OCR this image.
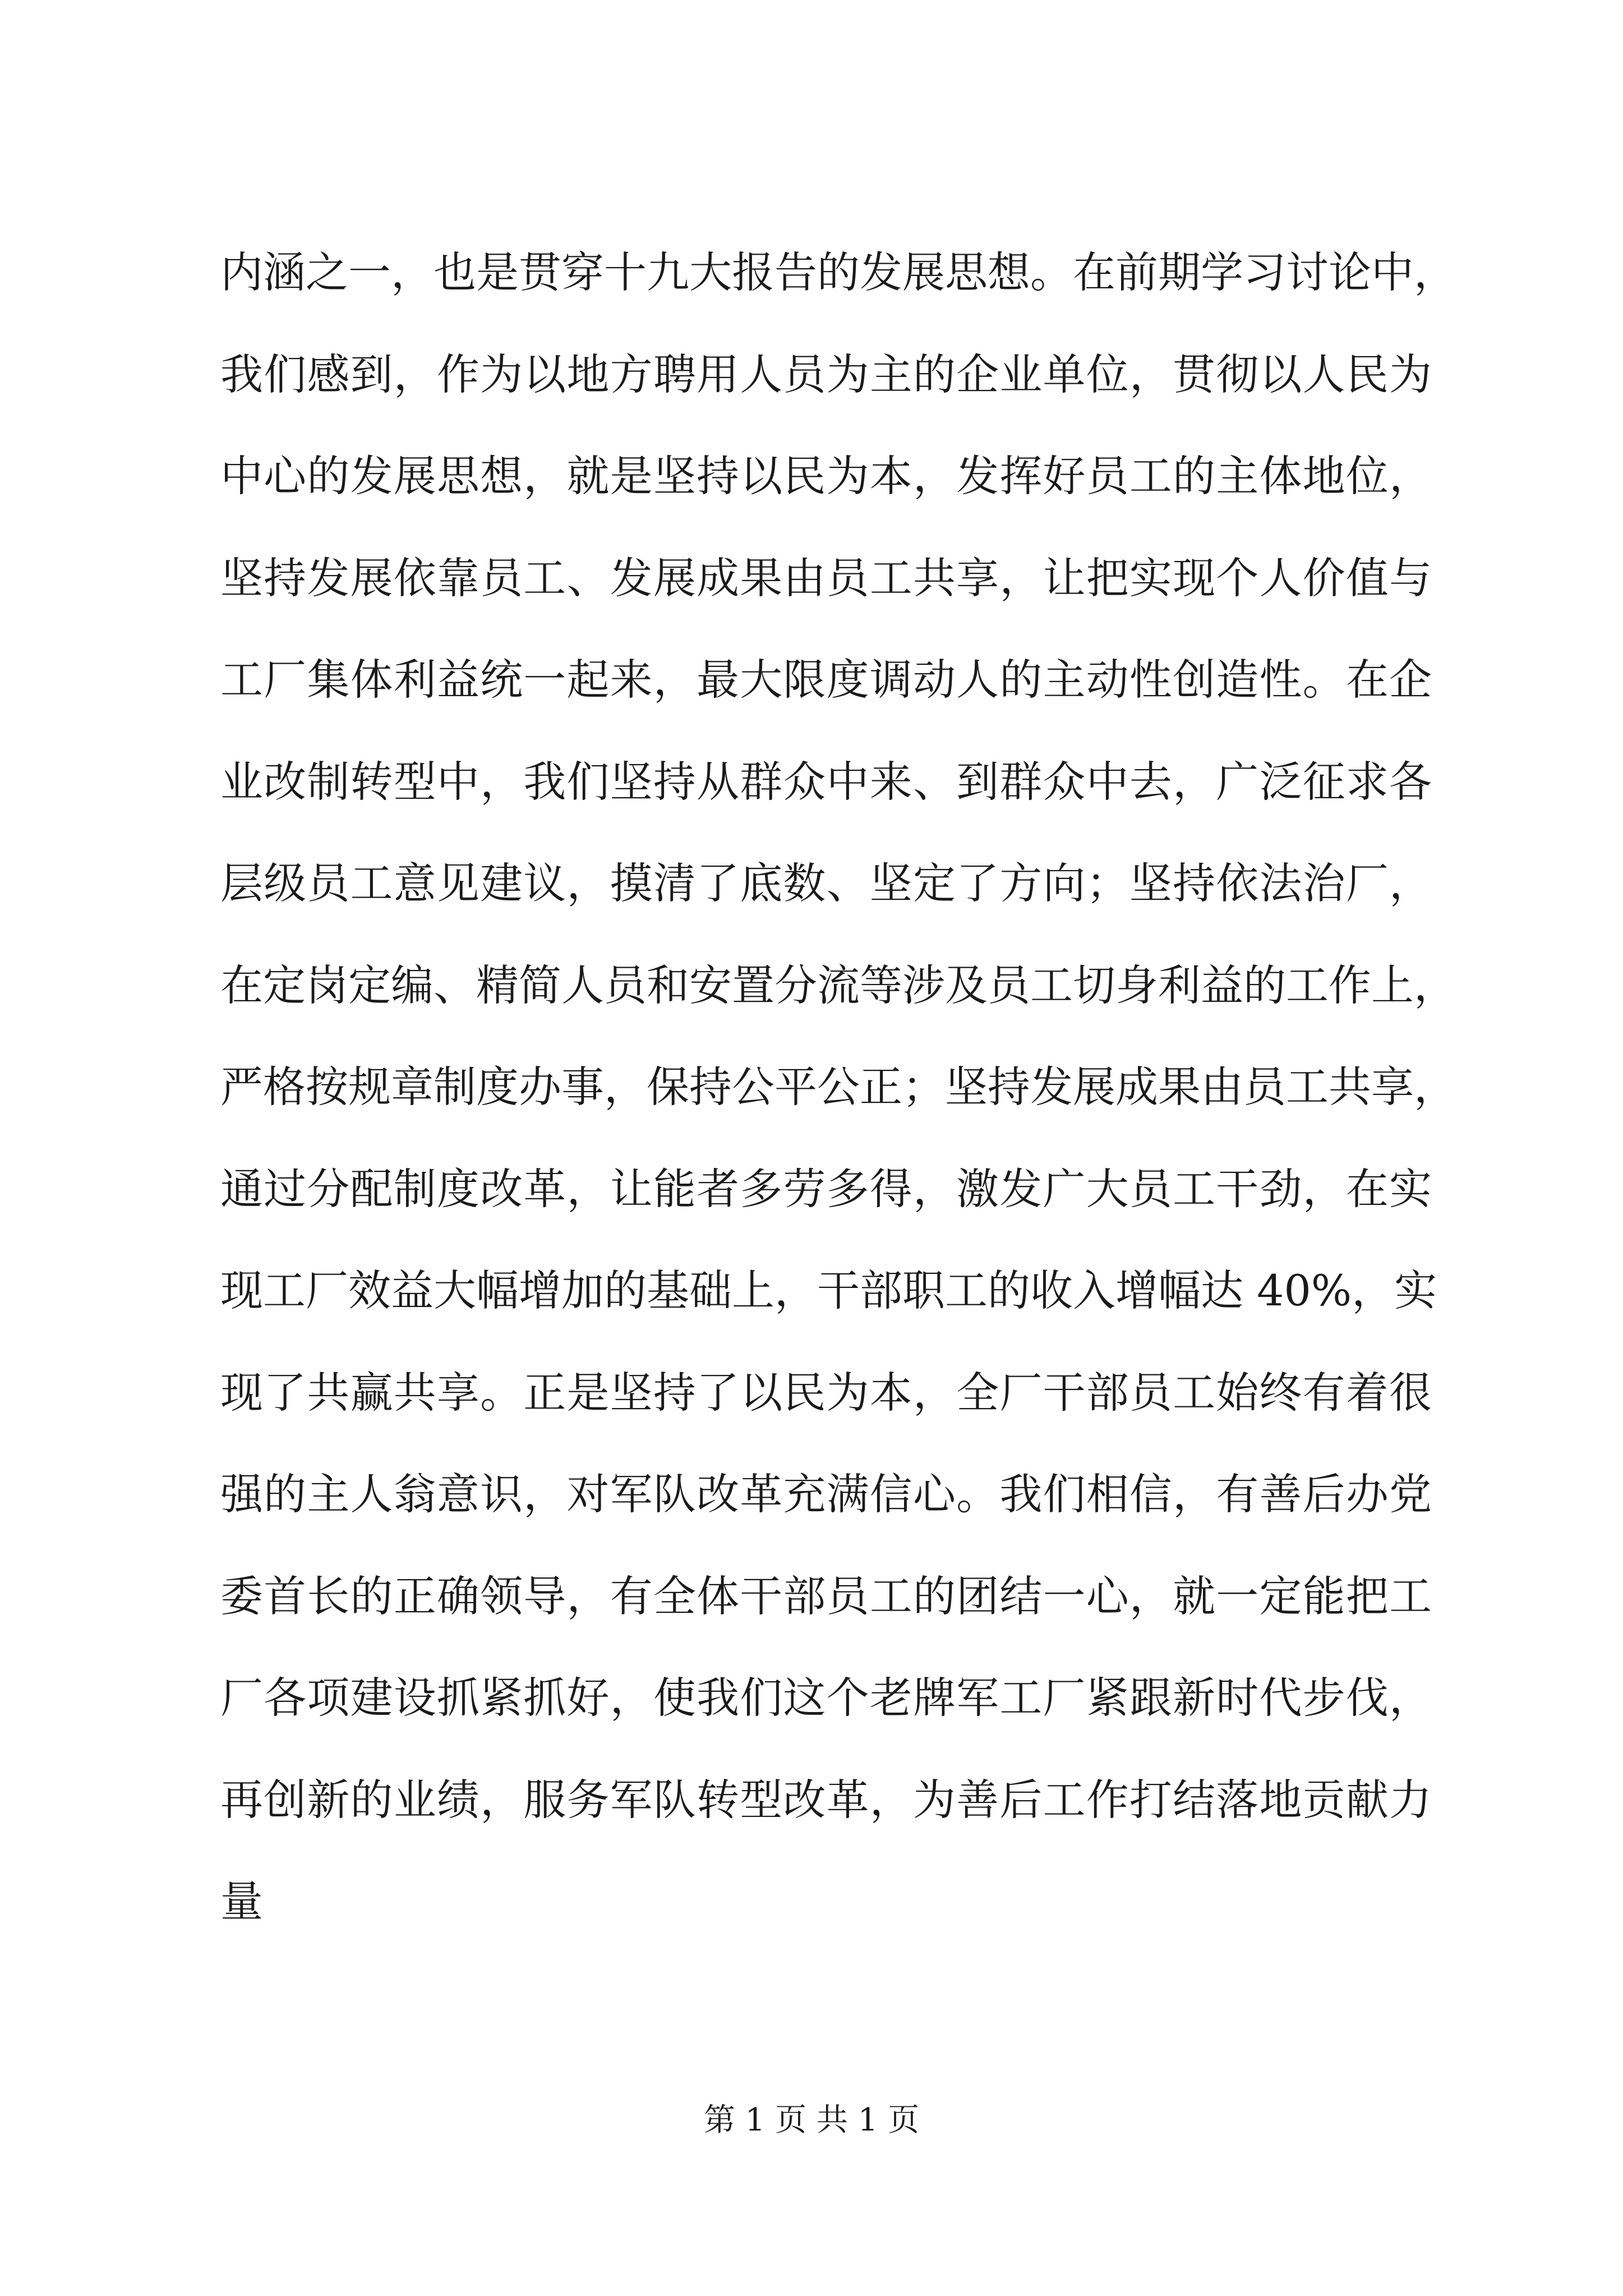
内涵之一，也是贯穿十九大报告的发展思想。在前期学习讨论中，
我们感到，作为以地方聘用人员为主的企业单位，贯彻以人民为
中心的发展思想，就是坚持以民为本，发挥好员工的主体地位，
坚持发展依靠员工、发展成果由员工共享，让把实现个人价值与
工厂集体利益统一起来，最大限度调动人的主动性创造性。在企
业改制转型中，我们坚持从群众中来、到群众中去，广泛征求各
层级员工意见建议，摸清了底数、坚定了方向；坚持依法治厂，
在定岗定编、精简人员和安置分流等涉及员工切身利益的工作上，
严格按规章制度办事，保持公平公正；坚持发展成果由员工共享，
通过分配制度改革，让能者多劳多得，激发广大员工干劲，在实
现工厂效益大幅增加的基础上，干部职工的收入增幅达 40%，实
现了共赢共享。正是坚持了以民为本，全厂干部员工始终有着很
强的主人翁意识，对军队改革充满信心。我们相信，有善后办党
委首长的正确领导，有全体干部员工的团结一心，就一定能把工
厂各项建设抓紧抓好，使我们这个老牌军工厂紧跟新时代步伐，
再创新的业绩，服务军队转型改革，为善后工作打结落地贡献力
量
第 1 页 共 1 页
